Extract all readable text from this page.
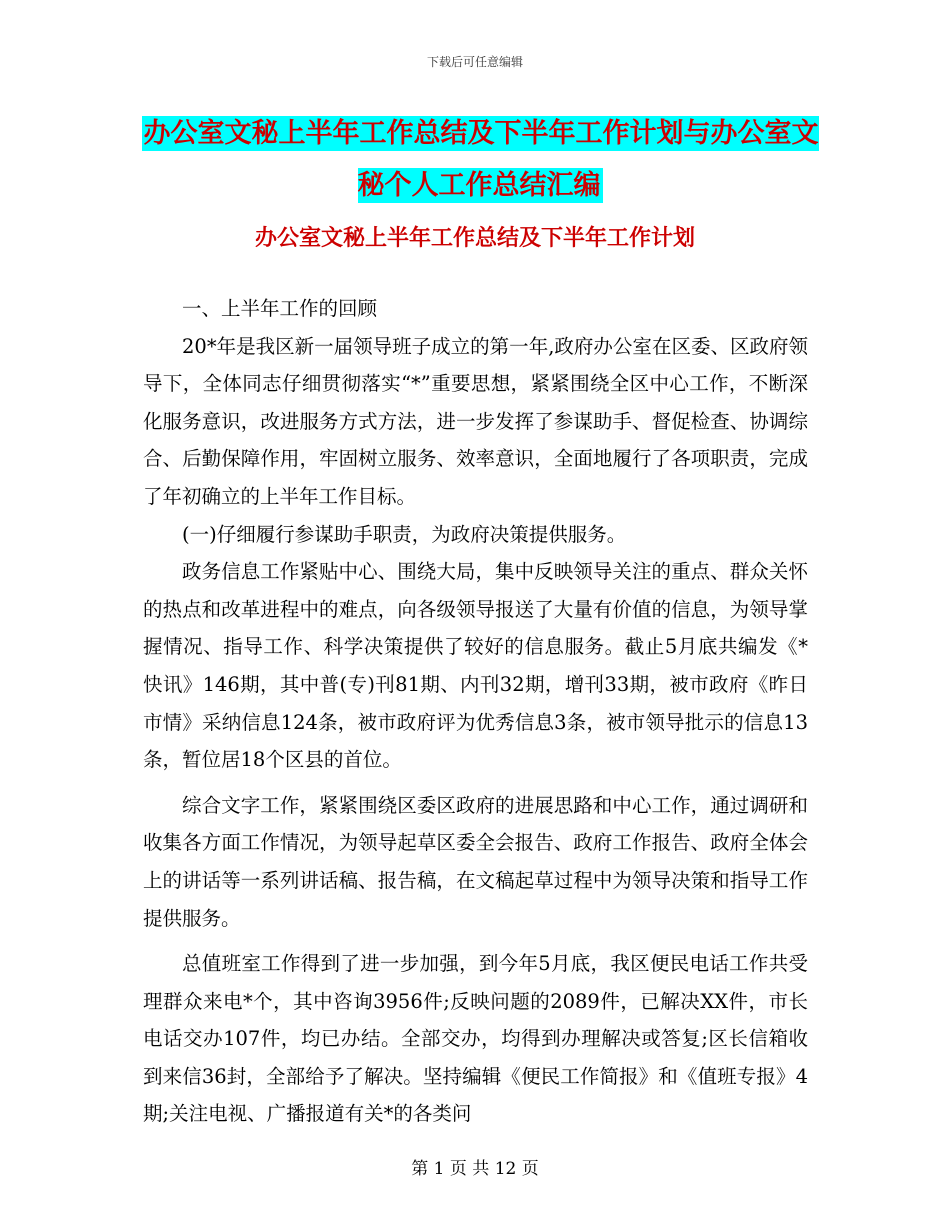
下载后可任意编辑
办公室文秘上半年工作总结及下半年工作计划与办公室文秘个人工作总结汇编
办公室文秘上半年工作总结及下半年工作计划

一、上半年工作的回顾

20*年是我区新一届领导班子成立的第一年,政府办公室在区委、区政府领导下，全体同志仔细贯彻落实“*”重要思想，紧紧围绕全区中心工作，不断深化服务意识，改进服务方式方法，进一步发挥了参谋助手、督促检查、协调综合、后勤保障作用，牢固树立服务、效率意识，全面地履行了各项职责，完成了年初确立的上半年工作目标。

(一)仔细履行参谋助手职责，为政府决策提供服务。

政务信息工作紧贴中心、围绕大局，集中反映领导关注的重点、群众关怀的热点和改革进程中的难点，向各级领导报送了大量有价值的信息，为领导掌握情况、指导工作、科学决策提供了较好的信息服务。截止5月底共编发《*快讯》146期，其中普(专)刊81期、内刊32期，增刊33期，被市政府《昨日市情》采纳信息124条，被市政府评为优秀信息3条，被市领导批示的信息13条，暂位居18个区县的首位。

综合文字工作，紧紧围绕区委区政府的进展思路和中心工作，通过调研和收集各方面工作情况，为领导起草区委全会报告、政府工作报告、政府全体会上的讲话等一系列讲话稿、报告稿，在文稿起草过程中为领导决策和指导工作提供服务。

总值班室工作得到了进一步加强，到今年5月底，我区便民电话工作共受理群众来电*个，其中咨询3956件;反映问题的2089件，已解决XX件，市长电话交办107件，均已办结。全部交办，均得到办理解决或答复;区长信箱收到来信36封，全部给予了解决。坚持编辑《便民工作简报》和《值班专报》4期;关注电视、广播报道有关*的各类问

第 1 页 共 12 页
